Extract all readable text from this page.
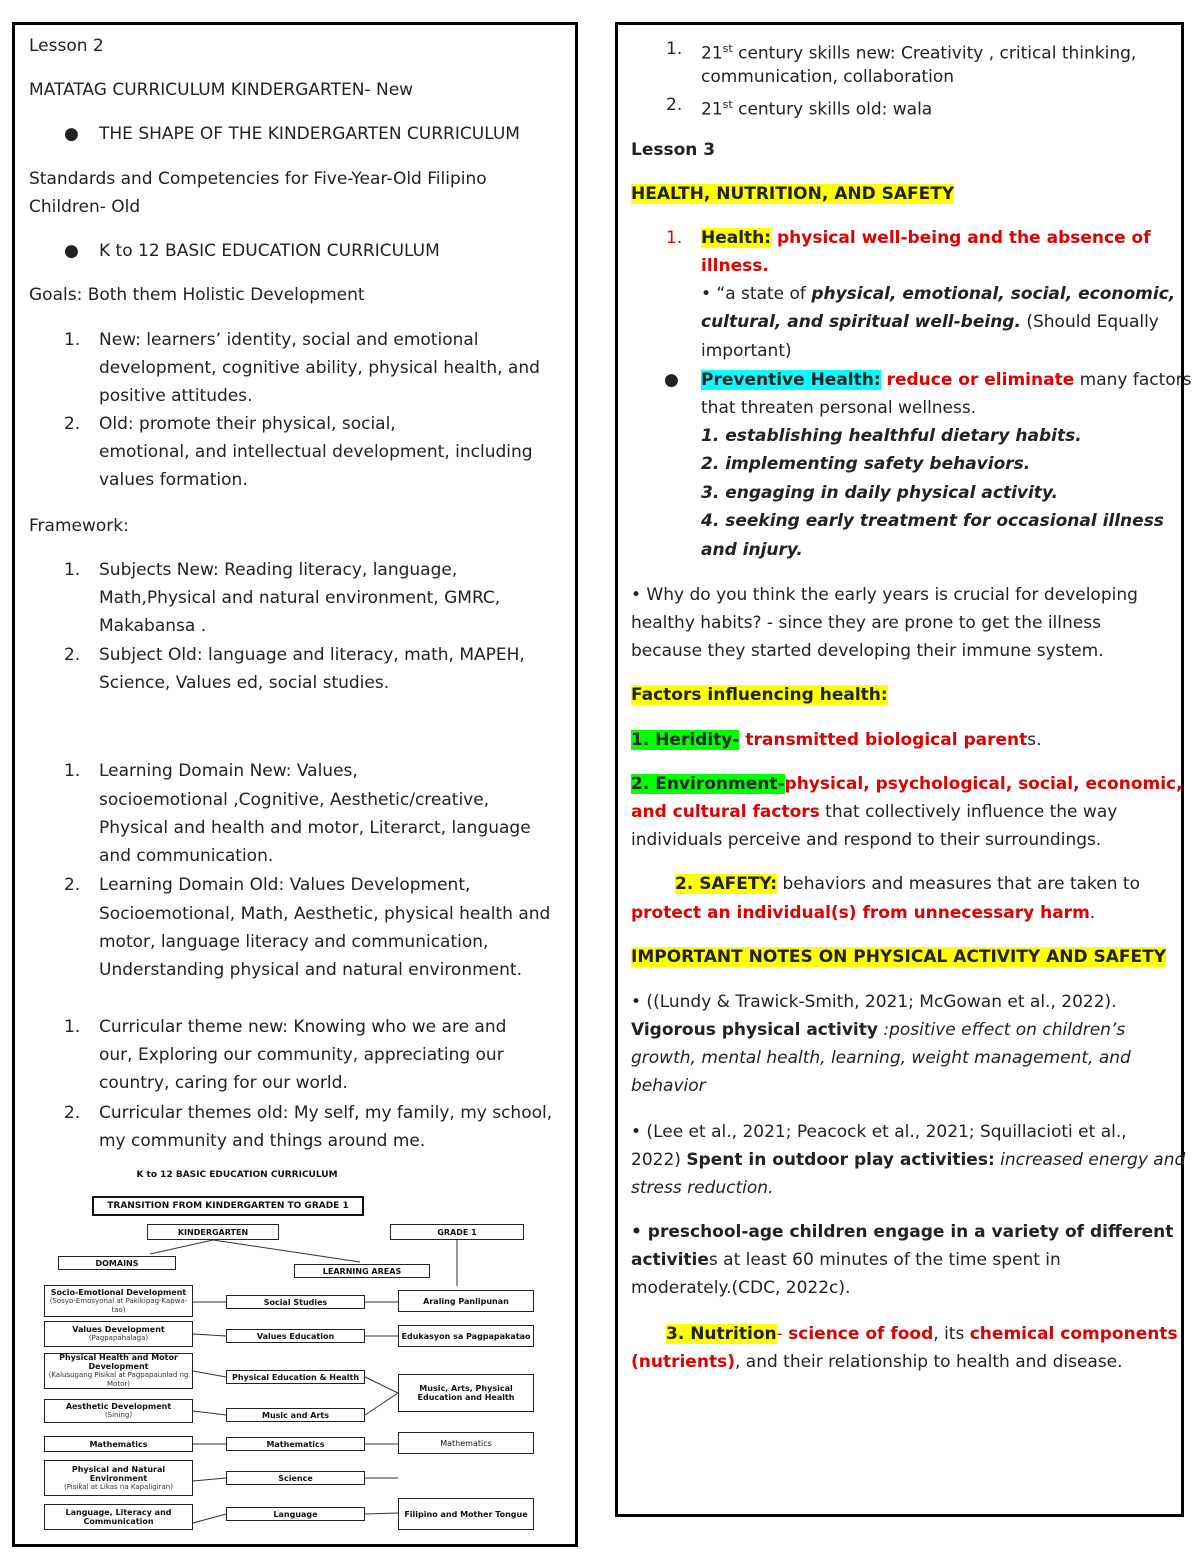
Lesson 2
MATATAG CURRICULUM KINDERGARTEN- New
● THE SHAPE OF THE KINDERGARTEN CURRICULUM
Standards and Competencies for Five-Year-Old Filipino
Children- Old
● K to 12 BASIC EDUCATION CURRICULUM
Goals: Both them Holistic Development
1. New: learners’ identity, social and emotional
development, cognitive ability, physical health, and
positive attitudes.
2. Old: promote their physical, social,
emotional, and intellectual development, including
values formation.
Framework:
1. Subjects New: Reading literacy, language,
Math,Physical and natural environment, GMRC,
Makabansa .
2. Subject Old: language and literacy, math, MAPEH,
Science, Values ed, social studies.
1. Learning Domain New: Values,
socioemotional ,Cognitive, Aesthetic/creative,
Physical and health and motor, Literarct, language
and communication.
2. Learning Domain Old: Values Development,
Socioemotional, Math, Aesthetic, physical health and
motor, language literacy and communication,
Understanding physical and natural environment.
1. Curricular theme new: Knowing who we are and
our, Exploring our community, appreciating our
country, caring for our world.
2. Curricular themes old: My self, my family, my school,
my community and things around me.
K to 12 BASIC EDUCATION CURRICULUM
TRANSITION FROM KINDERGARTEN TO GRADE 1
KINDERGARTEN	GRADE 1
DOMAINS
LEARNING AREAS
Socio-Emotional Development
(Sosyo-Emosyonal at Pakikipag-Kapwa-tao)
Values Development
(Pagpapahalaga)
Physical Health and Motor Development
(Kalusugang Pisikal at Pagpapaunlad ng Motor)
Aesthetic Development
(Sining)
Mathematics
Physical and Natural Environment
(Pisikal at Likas na Kapaligiran)
Language, Literacy and Communication
Social Studies
Values Education
Physical Education & Health
Music and Arts
Mathematics
Science
Language
Araling Panlipunan
Edukasyon sa Pagpapakatao
Music, Arts, Physical Education and Health
Mathematics
Filipino and Mother Tongue
1. 21st century skills new: Creativity , critical thinking,
communication, collaboration
2. 21st century skills old: wala
Lesson 3
HEALTH, NUTRITION, AND SAFETY
1. Health: physical well-being and the absence of
illness.
• “a state of physical, emotional, social, economic,
cultural, and spiritual well-being. (Should Equally
important)
● Preventive Health: reduce or eliminate many factors
that threaten personal wellness.
1. establishing healthful dietary habits.
2. implementing safety behaviors.
3. engaging in daily physical activity.
4. seeking early treatment for occasional illness
and injury.
• Why do you think the early years is crucial for developing
healthy habits? - since they are prone to get the illness
because they started developing their immune system.
Factors influencing health:
1. Heridity- transmitted biological parents.
2. Environment-physical, psychological, social, economic,
and cultural factors that collectively influence the way
individuals perceive and respond to their surroundings.
2. SAFETY: behaviors and measures that are taken to
protect an individual(s) from unnecessary harm.
IMPORTANT NOTES ON PHYSICAL ACTIVITY AND SAFETY
• ((Lundy & Trawick-Smith, 2021; McGowan et al., 2022).
Vigorous physical activity :positive effect on children’s
growth, mental health, learning, weight management, and
behavior
• (Lee et al., 2021; Peacock et al., 2021; Squillacioti et al.,
2022) Spent in outdoor play activities: increased energy and
stress reduction.
• preschool-age children engage in a variety of different
activities at least 60 minutes of the time spent in
moderately.(CDC, 2022c).
3. Nutrition- science of food, its chemical components
(nutrients), and their relationship to health and disease.
